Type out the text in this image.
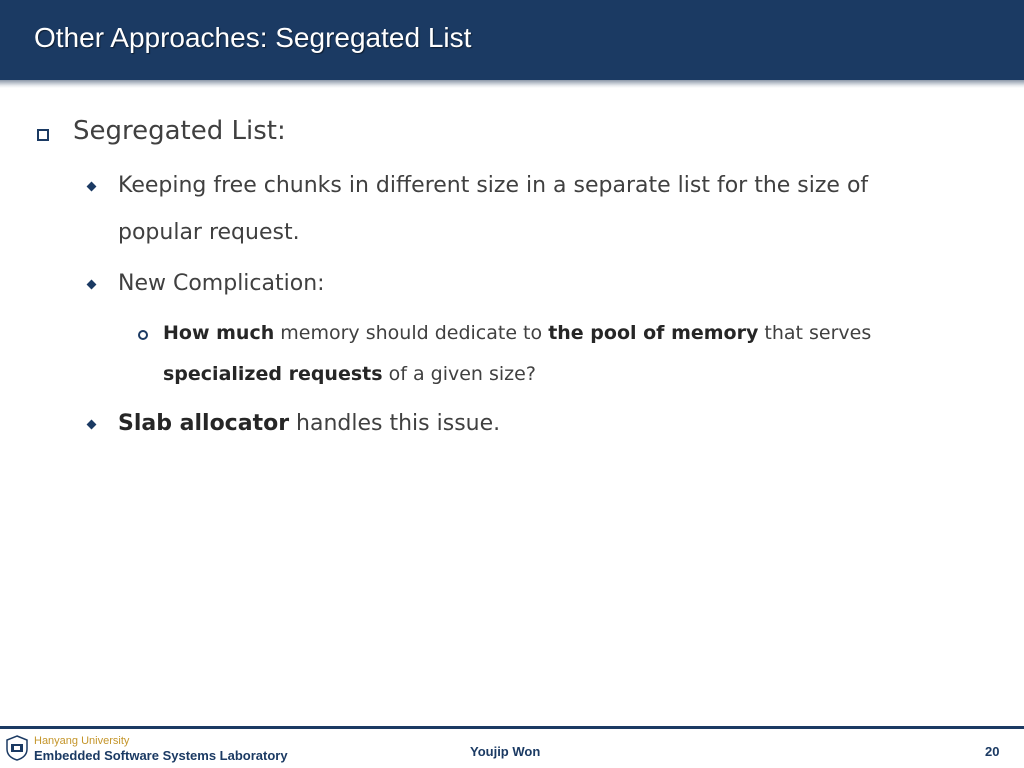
Other Approaches: Segregated List
Segregated List:
Keeping free chunks in different size in a separate list for the size of
popular request.
New Complication:
How much memory should dedicate to the pool of memory that serves
specialized requests of a given size?
Slab allocator handles this issue.
Hanyang University
Embedded Software Systems Laboratory	Youjip Won	20
